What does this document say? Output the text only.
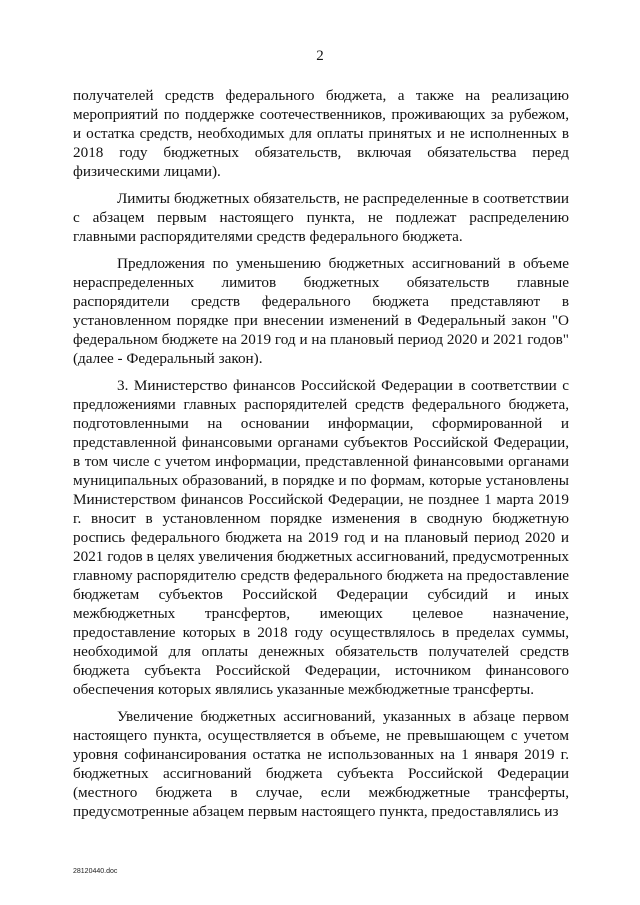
2

получателей средств федерального бюджета, а также на реализацию мероприятий по поддержке соотечественников, проживающих за рубежом, и остатка средств, необходимых для оплаты принятых и не исполненных в 2018 году бюджетных обязательств, включая обязательства перед физическими лицами).

Лимиты бюджетных обязательств, не распределенные в соответствии с абзацем первым настоящего пункта, не подлежат распределению главными распорядителями средств федерального бюджета.

Предложения по уменьшению бюджетных ассигнований в объеме нераспределенных лимитов бюджетных обязательств главные распорядители средств федерального бюджета представляют в установленном порядке при внесении изменений в Федеральный закон "О федеральном бюджете на 2019 год и на плановый период 2020 и 2021 годов" (далее - Федеральный закон).

3. Министерство финансов Российской Федерации в соответствии с предложениями главных распорядителей средств федерального бюджета, подготовленными на основании информации, сформированной и представленной финансовыми органами субъектов Российской Федерации, в том числе с учетом информации, представленной финансовыми органами муниципальных образований, в порядке и по формам, которые установлены Министерством финансов Российской Федерации, не позднее 1 марта 2019 г. вносит в установленном порядке изменения в сводную бюджетную роспись федерального бюджета на 2019 год и на плановый период 2020 и 2021 годов в целях увеличения бюджетных ассигнований, предусмотренных главному распорядителю средств федерального бюджета на предоставление бюджетам субъектов Российской Федерации субсидий и иных межбюджетных трансфертов, имеющих целевое назначение, предоставление которых в 2018 году осуществлялось в пределах суммы, необходимой для оплаты денежных обязательств получателей средств бюджета субъекта Российской Федерации, источником финансового обеспечения которых являлись указанные межбюджетные трансферты.

Увеличение бюджетных ассигнований, указанных в абзаце первом настоящего пункта, осуществляется в объеме, не превышающем с учетом уровня софинансирования остатка не использованных на 1 января 2019 г. бюджетных ассигнований бюджета субъекта Российской Федерации (местного бюджета в случае, если межбюджетные трансферты, предусмотренные абзацем первым настоящего пункта, предоставлялись из

28120440.doc
